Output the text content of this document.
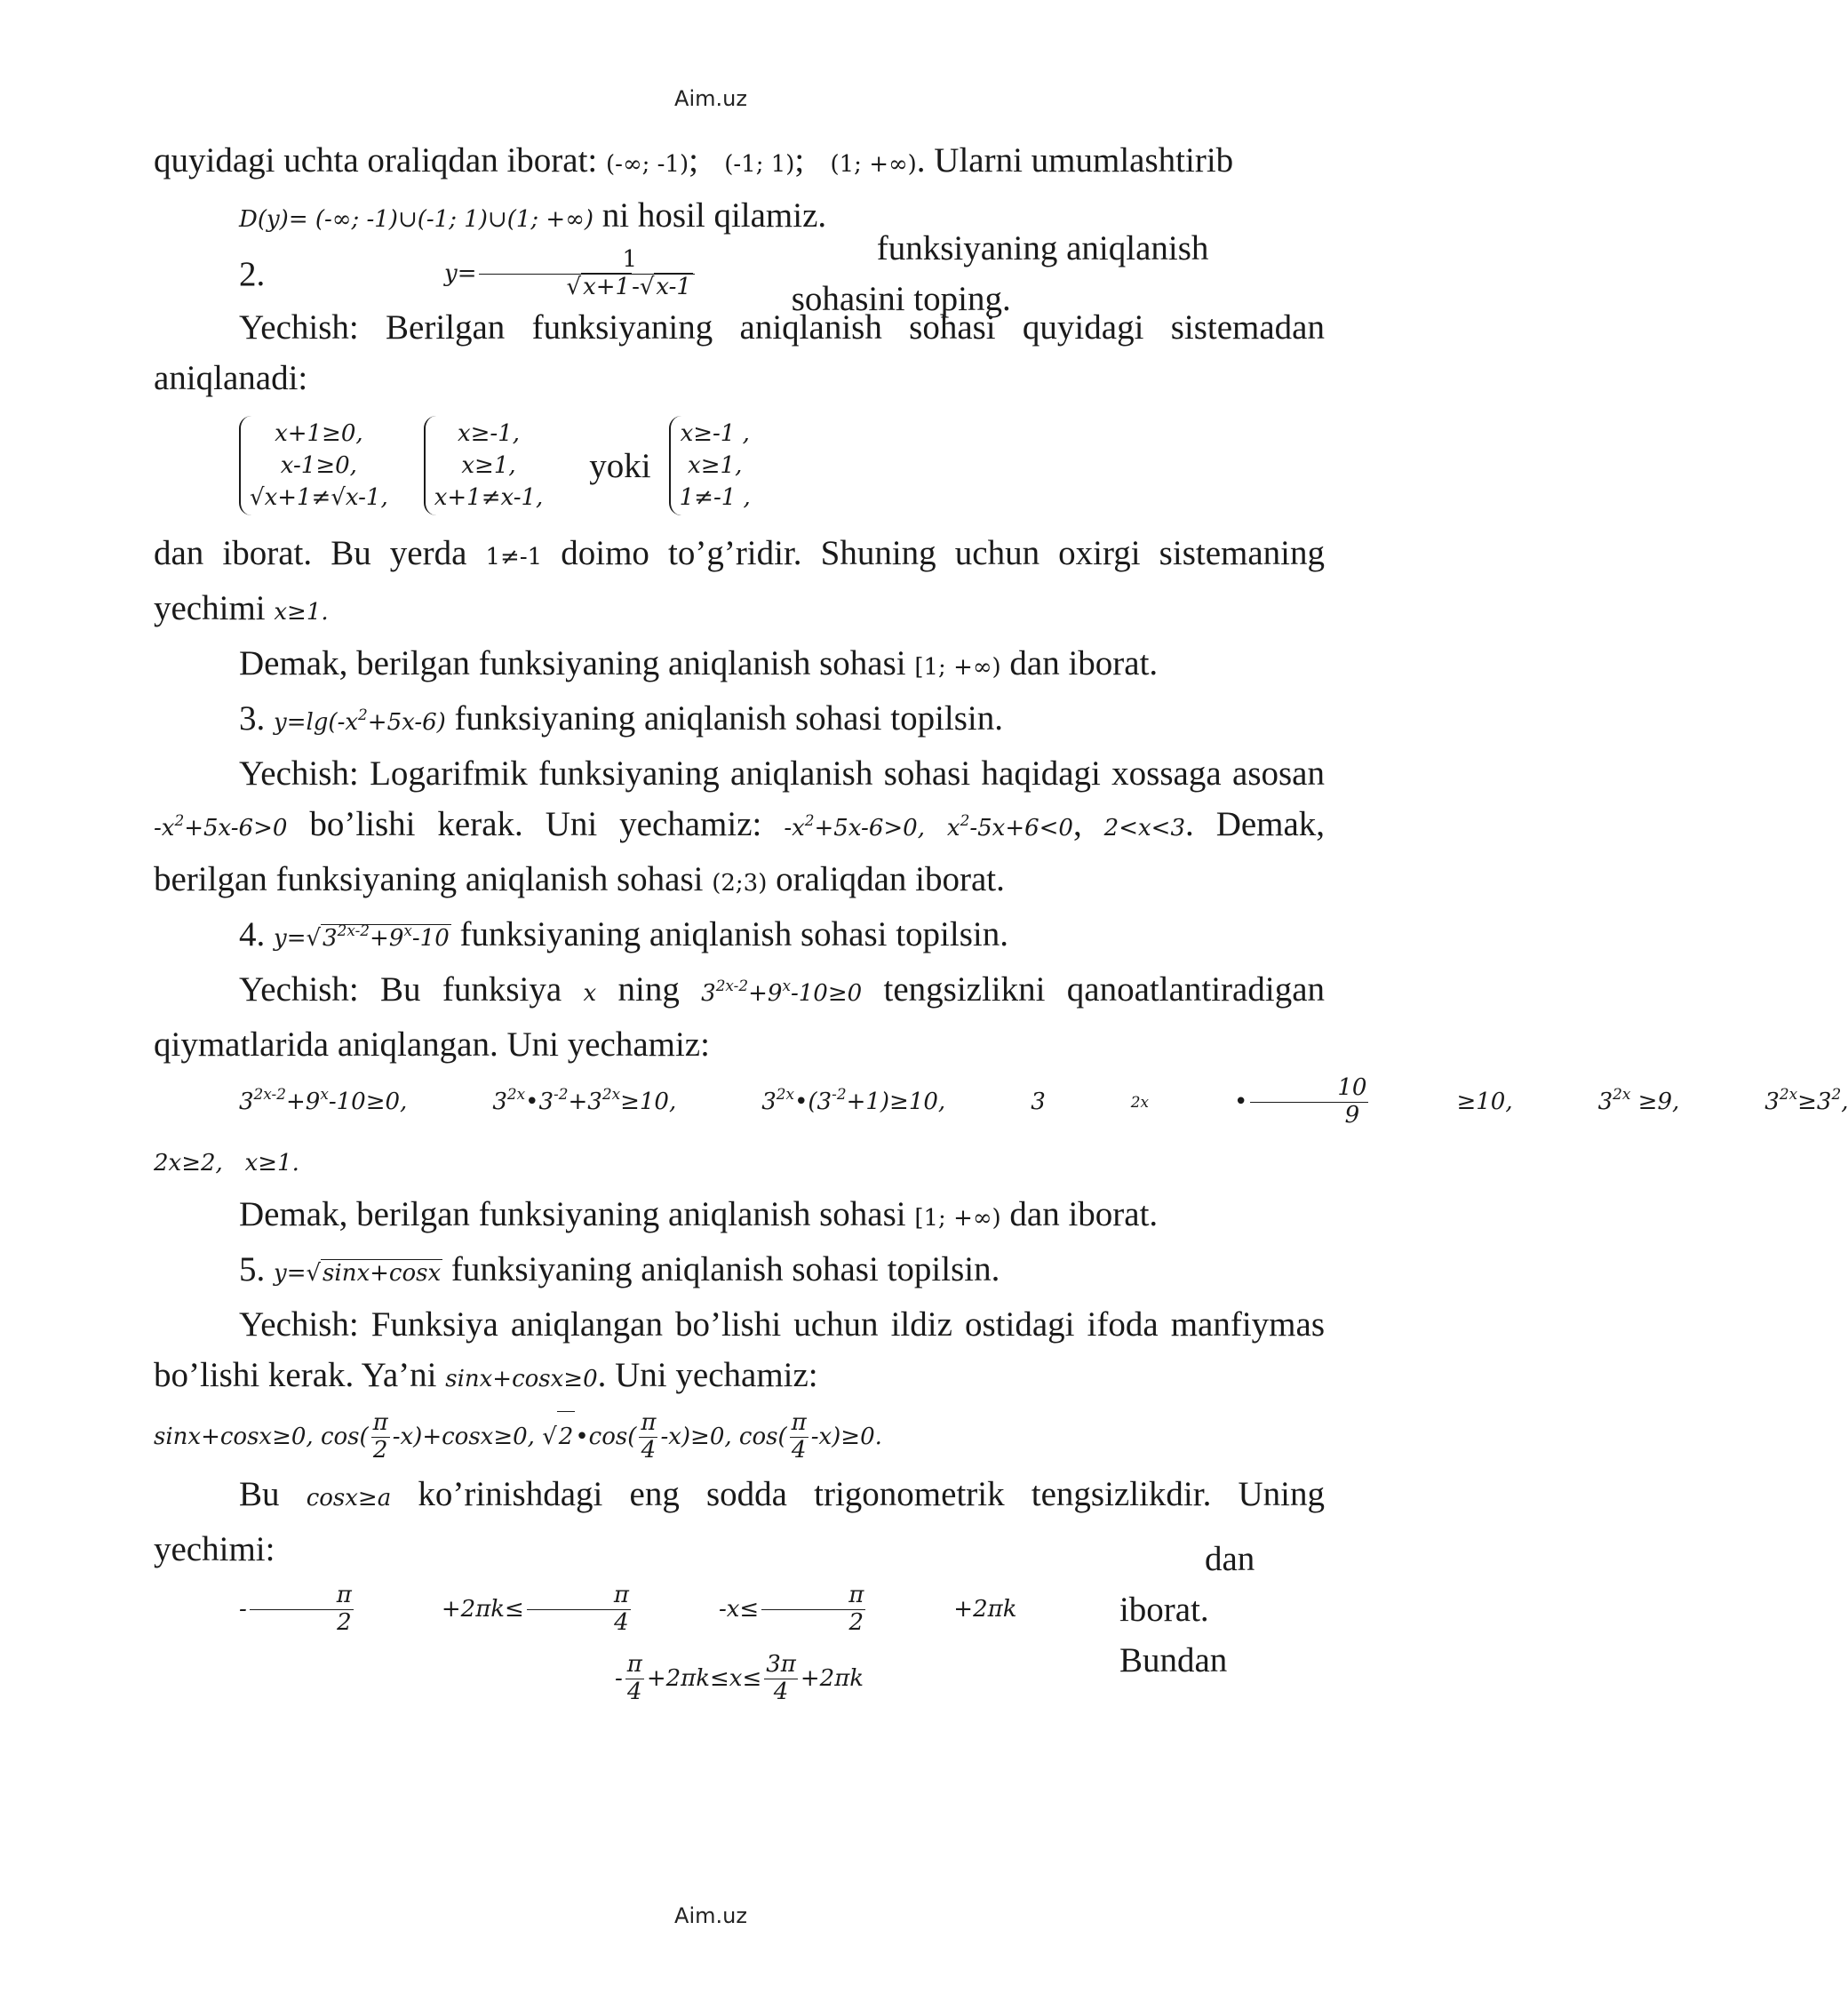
Aim.uz

quyidagi uchta oraliqdan iborat: (-∞; -1);   (-1; 1);   (1; +∞). Ularni umumlashtirib

D(y)= (-∞; -1)∪(-1; 1)∪(1; +∞) ni hosil qilamiz.

2.
	$y= \frac{1}{√x+1-√x-1}$
	funksiyaning aniqlanish sohasini toping.

Yechish: Berilgan funksiyaning aniqlanish sohasi quyidagi sistemadan aniqlanadi:

x+1≥0,
x-1≥0,
√x+1≠√x-1,
x≥-1,
x≥1,
x+1≠x-1,
yoki
x≥-1 ,
x≥1,
1≠-1 ,

dan iborat. Bu yerda 1≠-1 doimo to’g’ridir. Shuning uchun oxirgi sistemaning yechimi x≥1.

Demak, berilgan funksiyaning aniqlanish sohasi [1; +∞) dan iborat.

3. $y=\lg(-x^2+5x-6)$ funksiyaning aniqlanish sohasi topilsin.

Yechish: Logarifmik funksiyaning aniqlanish sohasi haqidagi xossaga asosan $-x^2+5x-6>0$ bo’lishi kerak. Uni yechamiz: $-x^2+5x-6>0$, $x^2-5x+6<0$, 2<x<3. Demak, berilgan funksiyaning aniqlanish sohasi (2;3) oraliqdan iborat.

4. $y=√3^{2x-2}+9^x-10$ funksiyaning aniqlanish sohasi topilsin.

Yechish: Bu funksiya x ning $3^{2x-2}+9^x-10\ge 0$ tengsizlikni qanoatlantiradigan qiymatlarida aniqlangan. Uni yechamiz:

$3^{2x-2}+9^x-10\ge 0$,	$3^{2x}•3^{-2}+3^{2x}\ge 10$,	$3^{2x}•(3^{-2}+1)\ge 10$,	3	2x	• $\frac{10}{9}$	≥10,	$3^{2x} \ge 9$,	$3^{2x}\ge 3^2$,

2x≥2,   x≥1.

Demak, berilgan funksiyaning aniqlanish sohasi [1; +∞) dan iborat.

5. y=√sinx+cosx funksiyaning aniqlanish sohasi topilsin.

Yechish: Funksiya aniqlangan bo’lishi uchun ildiz ostidagi ifoda manfiymas bo’lishi kerak. Ya’ni sinx+cosx≥0. Uni yechamiz:

sinx+cosx≥0, $\cos( \frac{\pi}{2} -x)+\cos x\ge 0$, √ 2 •cos( $\frac{\pi}{4} -x)\ge 0$, $\cos( \frac{\pi}{4} -x)\ge 0$.

Bu cosx≥a ko’rinishdagi eng sodda trigonometrik tengsizlikdir. Uning yechimi:

- $\frac{\pi}{2}$	$+2\pi k\le \frac{\pi}{4}$	$-x\le \frac{\pi}{2}$	+2πk

dan iborat. Bundan

- $\frac{\pi}{4} +2\pi k\le x\le \frac{3\pi}{4} +2\pi k$

Aim.uz
